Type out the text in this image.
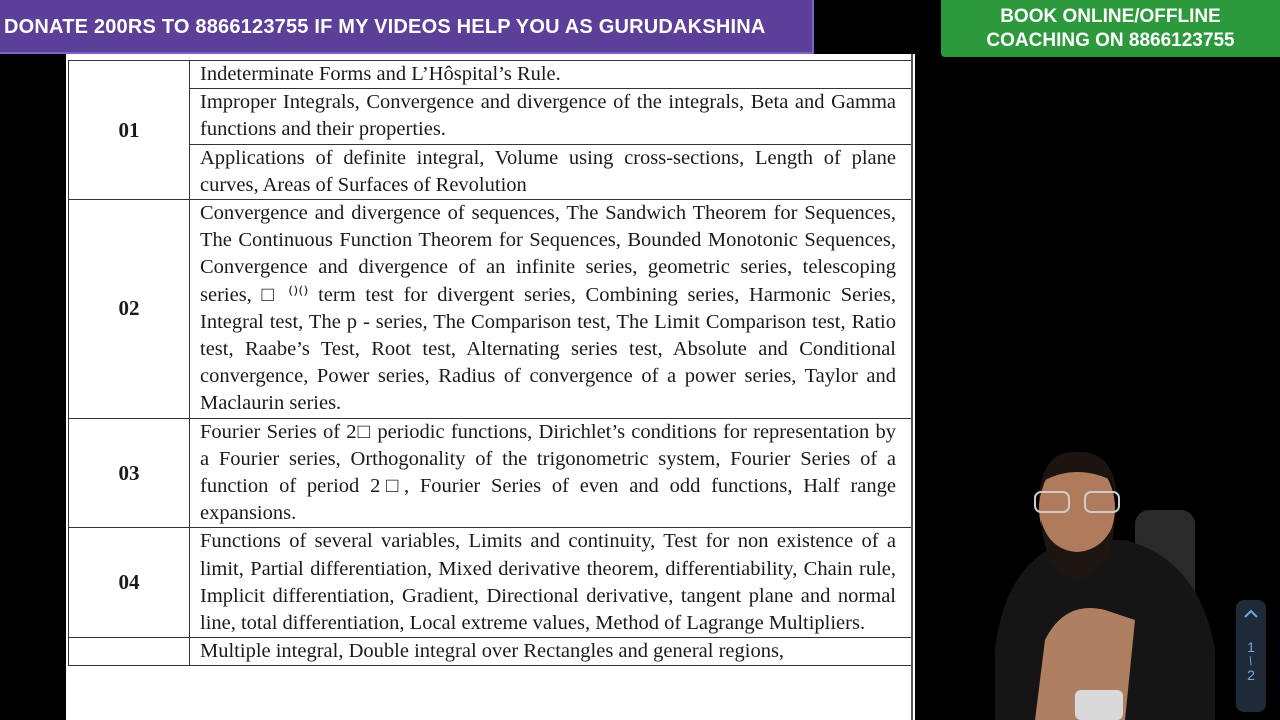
DONATE 200RS TO 8866123755 IF MY VIDEOS HELP YOU AS GURUDAKSHINA	BOOK ONLINE/OFFLINE
COACHING ON 8866123755
01	Indeterminate Forms and L’Hôspital’s Rule.

	Improper Integrals, Convergence and divergence of the integrals, Beta and Gamma functions and their properties.

	Applications of definite integral, Volume using cross-sections, Length of plane curves, Areas of Surfaces of Revolution

02	Convergence and divergence of sequences, The Sandwich Theorem for Sequences, The Continuous Function Theorem for Sequences, Bounded Monotonic Sequences, Convergence and divergence of an infinite series, geometric series, telescoping series, □ ⁽⁾⁽⁾ term test for divergent series, Combining series, Harmonic Series, Integral test, The p - series, The Comparison test, The Limit Comparison test, Ratio test, Raabe’s Test, Root test, Alternating series test, Absolute and Conditional convergence, Power series, Radius of convergence of a power series, Taylor and Maclaurin series.

03	Fourier Series of 2□ periodic functions, Dirichlet’s conditions for representation by a Fourier series, Orthogonality of the trigonometric system, Fourier Series of a function of period 2□, Fourier Series of even and odd functions, Half range expansions.

04	Functions of several variables, Limits and continuity, Test for non existence of a limit, Partial differentiation, Mixed derivative theorem, differentiability, Chain rule, Implicit differentiation, Gradient, Directional derivative, tangent plane and normal line, total differentiation, Local extreme values, Method of Lagrange Multipliers.

	Multiple integral, Double integral over Rectangles and general regions,	1
/
2
